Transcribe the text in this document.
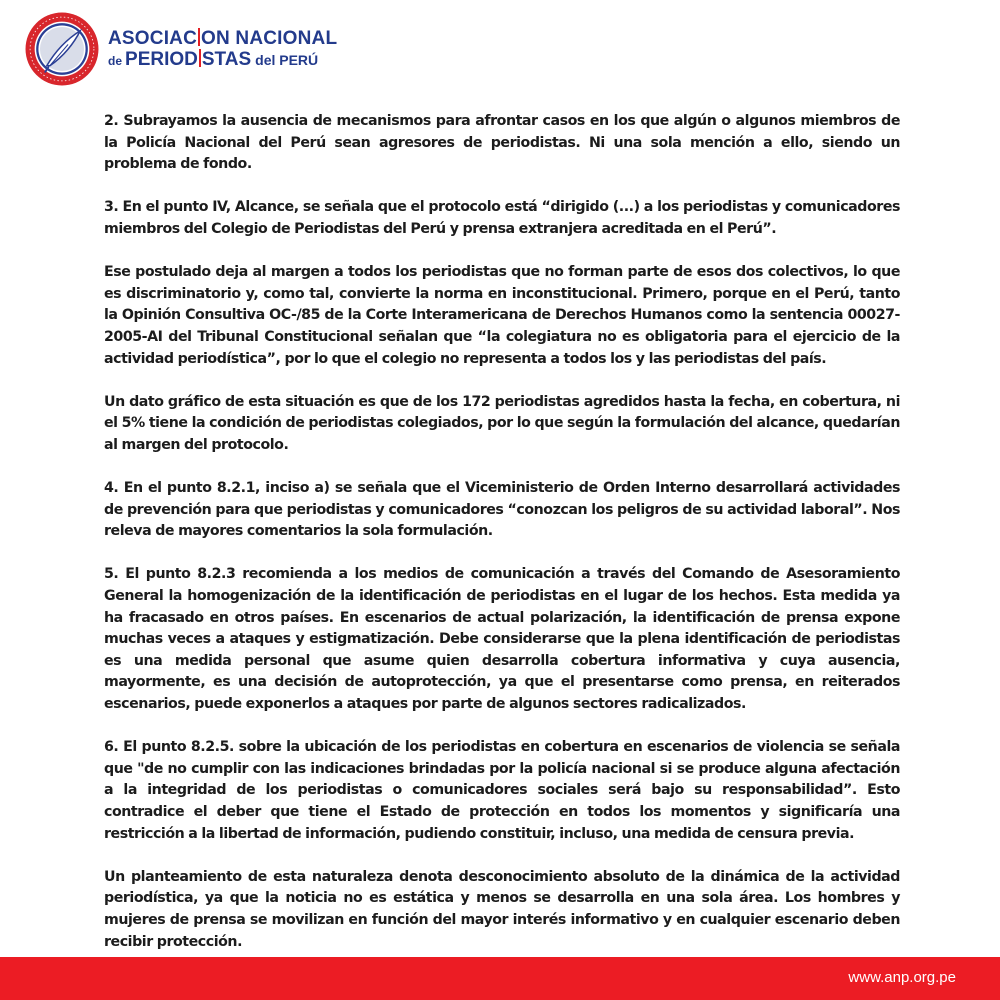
ASOCIAC ON NACIONAL
de PERIOD STAS del PERÚ

2. Subrayamos la ausencia de mecanismos para afrontar casos en los que algún o algunos miembros de la Policía Nacional del Perú sean agresores de periodistas. Ni una sola mención a ello, siendo un problema de fondo.

3. En el punto IV, Alcance, se señala que el protocolo está “dirigido (...) a los periodistas y comunicadores miembros del Colegio de Periodistas del Perú y prensa extranjera acreditada en el Perú”.

Ese postulado deja al margen a todos los periodistas que no forman parte de esos dos colectivos, lo que es discriminatorio y, como tal, convierte la norma en inconstitucional. Primero, porque en el Perú, tanto la Opinión Consultiva OC-/85 de la Corte Interamericana de Derechos Humanos como la sentencia 00027-2005-AI del Tribunal Constitucional señalan que “la colegiatura no es obligatoria para el ejercicio de la actividad periodística”, por lo que el colegio no representa a todos los y las periodistas del país.

Un dato gráfico de esta situación es que de los 172 periodistas agredidos hasta la fecha, en cobertura, ni el 5% tiene la condición de periodistas colegiados, por lo que según la formulación del alcance, quedarían al margen del protocolo.

4. En el punto 8.2.1, inciso a) se señala que el Viceministerio de Orden Interno desarrollará actividades de prevención para que periodistas y comunicadores “conozcan los peligros de su actividad laboral”. Nos releva de mayores comentarios la sola formulación.

5. El punto 8.2.3 recomienda a los medios de comunicación a través del Comando de Asesoramiento General la homogenización de la identificación de periodistas en el lugar de los hechos. Esta medida ya ha fracasado en otros países. En escenarios de actual polarización, la identificación de prensa expone muchas veces a ataques y estigmatización. Debe considerarse que la plena identificación de periodistas es una medida personal que asume quien desarrolla cobertura informativa y cuya ausencia, mayormente, es una decisión de autoprotección, ya que el presentarse como prensa, en reiterados escenarios, puede exponerlos a ataques por parte de algunos sectores radicalizados.

6. El punto 8.2.5. sobre la ubicación de los periodistas en cobertura en escenarios de violencia se señala que "de no cumplir con las indicaciones brindadas por la policía nacional si se produce alguna afectación a la integridad de los periodistas o comunicadores sociales será bajo su responsabilidad”. Esto contradice el deber que tiene el Estado de protección en todos los momentos y significaría una restricción a la libertad de información, pudiendo constituir, incluso, una medida de censura previa.

Un planteamiento de esta naturaleza denota desconocimiento absoluto de la dinámica de la actividad periodística, ya que la noticia no es estática y menos se desarrolla en una sola área. Los hombres y mujeres de prensa se movilizan en función del mayor interés informativo y en cualquier escenario deben recibir protección.

www.anp.org.pe
